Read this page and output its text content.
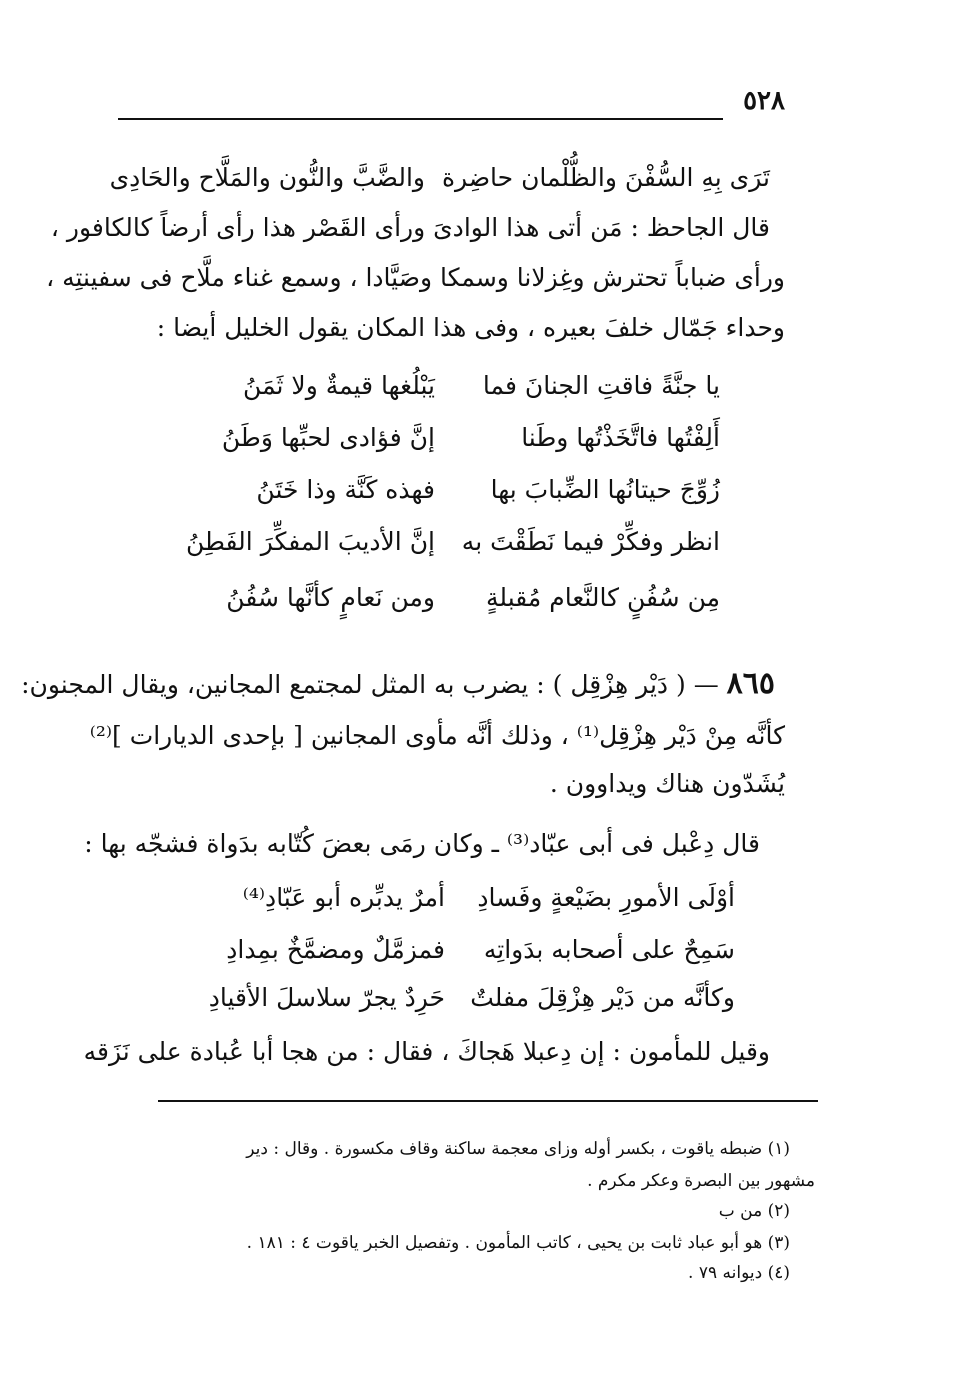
٥٢٨
تَرَى بِهِ السُّفْنَ والظُّلْمان حاضِرة
والضَّبَّ والنُّون والمَلَّاح والحَادِى
قال الجاحظ : مَن أتى هذا الوادىَ ورأى القَصْر هذا رأى أرضاً كالكافور ،
ورأى ضباباً تحترش وغِزلانا وسمكا وصَيَّادا ، وسمع غناء ملَّاح فى سفينتِه ،
وحداء جَمّال خلفَ بعيره ، وفى هذا المكان يقول الخليل أيضا :
يا جنَّةً فاقتِ الجنانَ فما
يَبْلُغها قيمةٌ ولا ثَمَنُ
أَلِفْتُها فاتَّخَذْتُها وطَنا
إنَّ فؤادى لحبِّها وَطَنُ
زُوِّجَ حيتانُها الضِّبابَ بها
فهذه كَنَّة وذا خَتَنُ
انظر وفكِّرْ فيما نَطَقْتَ به
إنَّ الأديبَ المفكِّرَ الفَطِنُ
مِن سُفُنٍ كالنَّعام مُقبلةٍ
ومن نَعامٍ كأنَّها سُفُنُ
٨٦٥ — ( دَيْر هِزْقِل ) : يضرب به المثل لمجتمع المجانين، ويقال المجنون:
كأنَّه مِنْ دَيْر هِزْقِل⁽¹⁾ ، وذلك أنَّه مأوى المجانين [ بإحدى الديارات ]⁽²⁾
يُشَدّون هناك ويداوون .
قال دِعْبل فى أبى عبّاد⁽³⁾ ـ وكان رمَى بعضَ كُتّابه بدَواة فشجّه بها :
أوْلَى الأمورِ بضَيْعةٍ وفَسادِ
أمرٌ يدبِّره أبو عَبّادِ⁽⁴⁾
سَمِحٌ على أصحابه بدَواتِه
فمزمَّلٌ ومضمَّخٌ بمِدادِ
وكأنَّه من دَيْر هِزْقِلَ مفلتٌ
حَرِدٌ يجرّ سلاسلَ الأقيادِ
وقيل للمأمون : إن دِعبلا هَجاكَ ، فقال : من هجا أبا عُبادة على نَزَقه
(١) ضبطه ياقوت ، بكسر أوله وزاى معجمة ساكنة وقاف مكسورة . وقال : دير
مشهور بين البصرة وعكر مكرم .
(٢) من ب
(٣) هو أبو عباد ثابت بن يحيى ، كاتب المأمون . وتفصيل الخبر ياقوت ٤ : ١٨١ .
(٤) ديوانه ٧٩ .
